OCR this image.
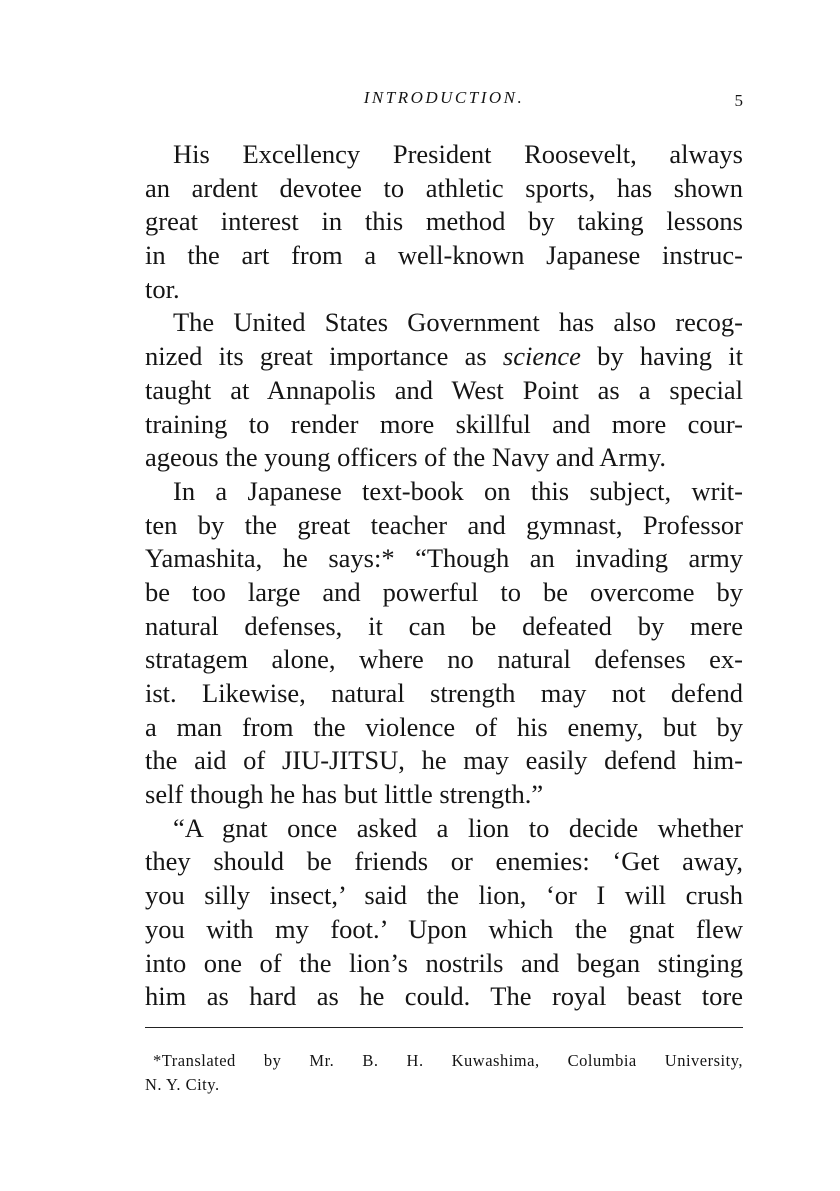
INTRODUCTION.	5
His Excellency President Roosevelt, always
an ardent devotee to athletic sports, has shown
great interest in this method by taking lessons
in the art from a well-known Japanese instruc-
tor.
The United States Government has also recog-
nized its great importance as science by having it
taught at Annapolis and West Point as a special
training to render more skillful and more cour-
ageous the young officers of the Navy and Army.
In a Japanese text-book on this subject, writ-
ten by the great teacher and gymnast, Professor
Yamashita, he says:* “Though an invading army
be too large and powerful to be overcome by
natural defenses, it can be defeated by mere
stratagem alone, where no natural defenses ex-
ist. Likewise, natural strength may not defend
a man from the violence of his enemy, but by
the aid of JIU-JITSU, he may easily defend him-
self though he has but little strength.”
“A gnat once asked a lion to decide whether
they should be friends or enemies: ‘Get away,
you silly insect,’ said the lion, ‘or I will crush
you with my foot.’ Upon which the gnat flew
into one of the lion’s nostrils and began stinging
him as hard as he could. The royal beast tore
*Translated by Mr. B. H. Kuwashima, Columbia University,
N. Y. City.
